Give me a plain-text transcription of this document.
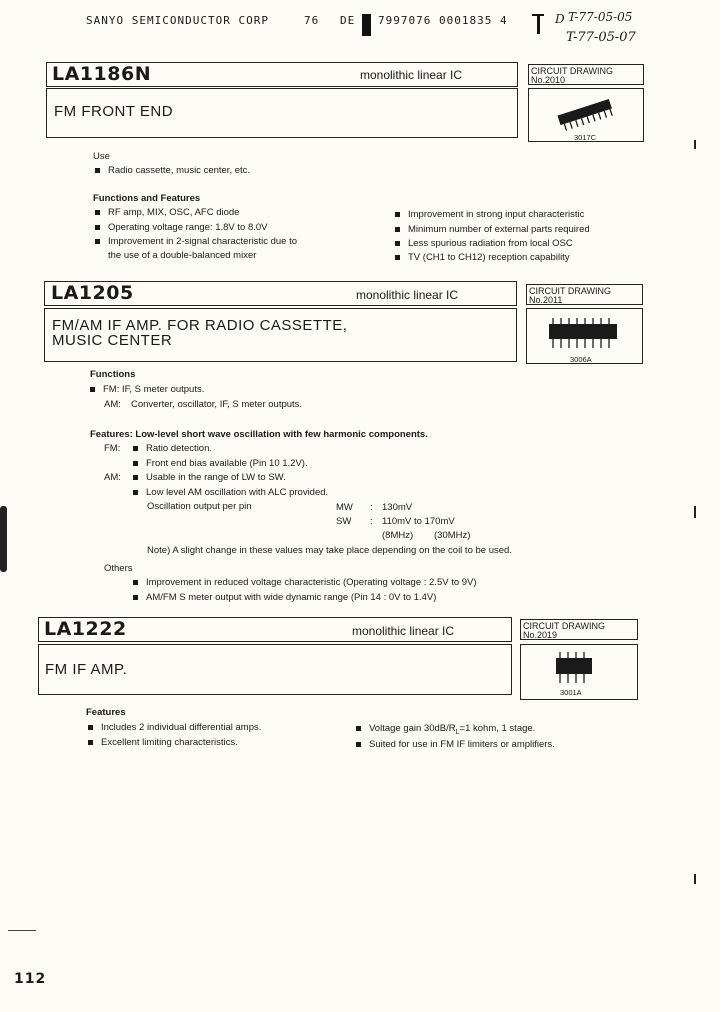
SANYO SEMICONDUCTOR CORP	76 DE 7997076 0001835 4	D T-77-05-05
T-77-05-07
LA1186N	monolithic linear IC	CIRCUIT DRAWING
No.2010
FM FRONT END
3017C
Use
Radio cassette, music center, etc.
Functions and Features
RF amp, MIX, OSC, AFC diode
Operating voltage range: 1.8V to 8.0V
Improvement in 2-signal characteristic due to
the use of a double-balanced mixer
Improvement in strong input characteristic
Minimum number of external parts required
Less spurious radiation from local OSC
TV (CH1 to CH12) reception capability
LA1205	monolithic linear IC	CIRCUIT DRAWING
No.2011
FM/AM IF AMP. FOR RADIO CASSETTE,
MUSIC CENTER
3006A
Functions
FM: IF, S meter outputs.
AM: Converter, oscillator, IF, S meter outputs.
Features: Low-level short wave oscillation with few harmonic components.
FM:	Ratio detection.
Front end bias available (Pin 10 1.2V).
AM:	Usable in the range of LW to SW.
Low level AM oscillation with ALC provided.
Oscillation output per pin	MW : 130mV
SW : 110mV to 170mV
(8MHz) (30MHz)
Note) A slight change in these values may take place depending on the coil to be used.
Others
Improvement in reduced voltage characteristic (Operating voltage : 2.5V to 9V)
AM/FM S meter output with wide dynamic range (Pin 14 : 0V to 1.4V)
LA1222	monolithic linear IC	CIRCUIT DRAWING
No.2019
FM IF AMP.
3001A
Features
Includes 2 individual differential amps.
Excellent limiting characteristics.
Voltage gain $30dB/R_L=1$ kohm, 1 stage.
Suited for use in FM IF limiters or amplifiers.
112
